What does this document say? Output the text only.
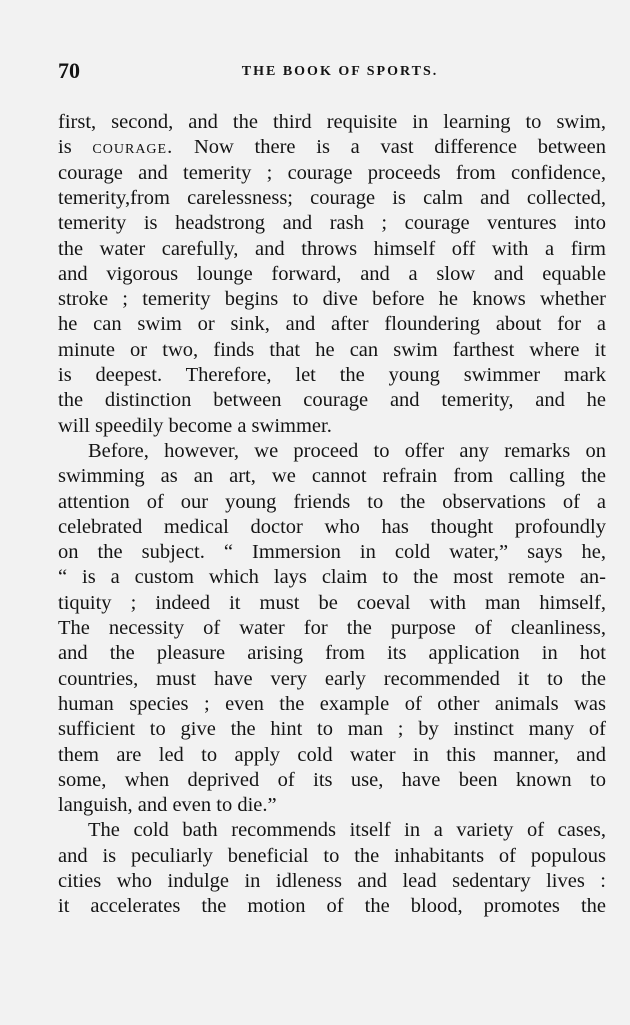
70	THE BOOK OF SPORTS.
first, second, and the third requisite in learning to swim,
is courage. Now there is a vast difference between
courage and temerity ; courage proceeds from confidence,
temerity,from carelessness; courage is calm and collected,
temerity is headstrong and rash ; courage ventures into
the water carefully, and throws himself off with a firm
and vigorous lounge forward, and a slow and equable
stroke ; temerity begins to dive before he knows whether
he can swim or sink, and after floundering about for a
minute or two, finds that he can swim farthest where it
is deepest. Therefore, let the young swimmer mark
the distinction between courage and temerity, and he
will speedily become a swimmer.
Before, however, we proceed to offer any remarks on
swimming as an art, we cannot refrain from calling the
attention of our young friends to the observations of a
celebrated medical doctor who has thought profoundly
on the subject. “ Immersion in cold water,” says he,
“ is a custom which lays claim to the most remote an-
tiquity ; indeed it must be coeval with man himself,
The necessity of water for the purpose of cleanliness,
and the pleasure arising from its application in hot
countries, must have very early recommended it to the
human species ; even the example of other animals was
sufficient to give the hint to man ; by instinct many of
them are led to apply cold water in this manner, and
some, when deprived of its use, have been known to
languish, and even to die.”
The cold bath recommends itself in a variety of cases,
and is peculiarly beneficial to the inhabitants of populous
cities who indulge in idleness and lead sedentary lives :
it accelerates the motion of the blood, promotes the
